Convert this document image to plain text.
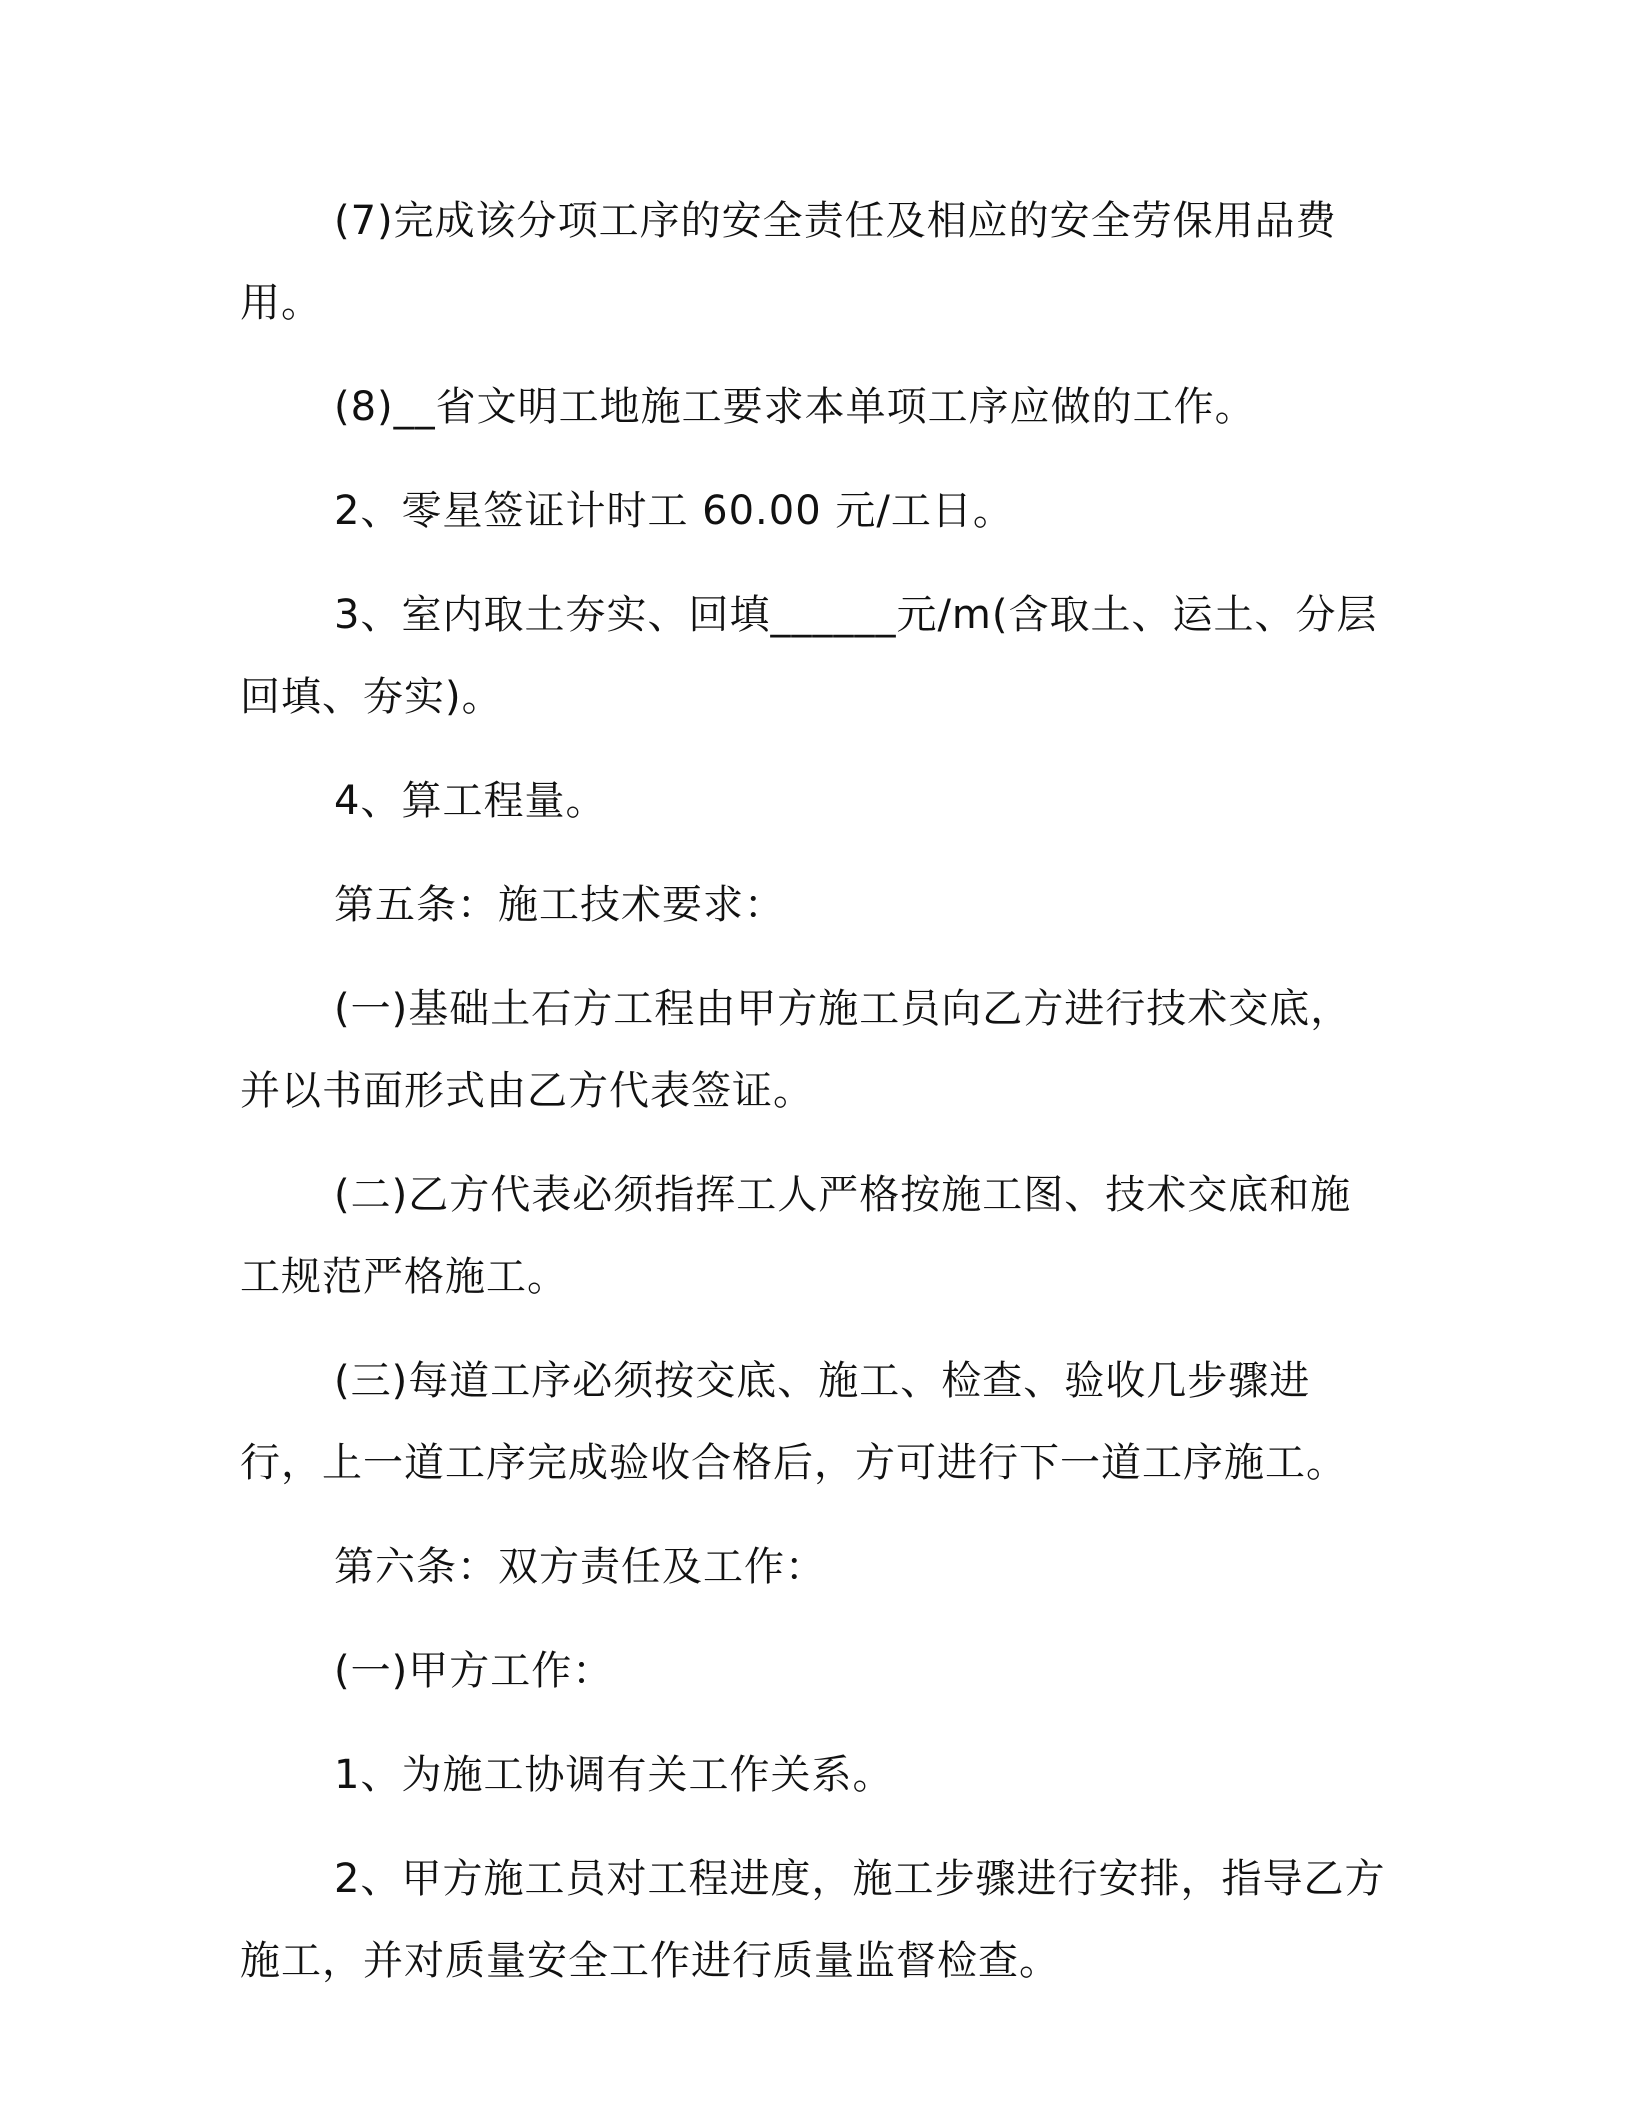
(7)完成该分项工序的安全责任及相应的安全劳保用品费用。

(8)__省文明工地施工要求本单项工序应做的工作。

2、零星签证计时工 60.00 元/工日。

3、室内取土夯实、回填______元/m(含取土、运土、分层回填、夯实)。

4、算工程量。

第五条：施工技术要求：

(一)基础土石方工程由甲方施工员向乙方进行技术交底，并以书面形式由乙方代表签证。

(二)乙方代表必须指挥工人严格按施工图、技术交底和施工规范严格施工。

(三)每道工序必须按交底、施工、检查、验收几步骤进行，上一道工序完成验收合格后，方可进行下一道工序施工。

第六条：双方责任及工作：

(一)甲方工作：

1、为施工协调有关工作关系。

2、甲方施工员对工程进度，施工步骤进行安排，指导乙方施工，并对质量安全工作进行质量监督检查。
